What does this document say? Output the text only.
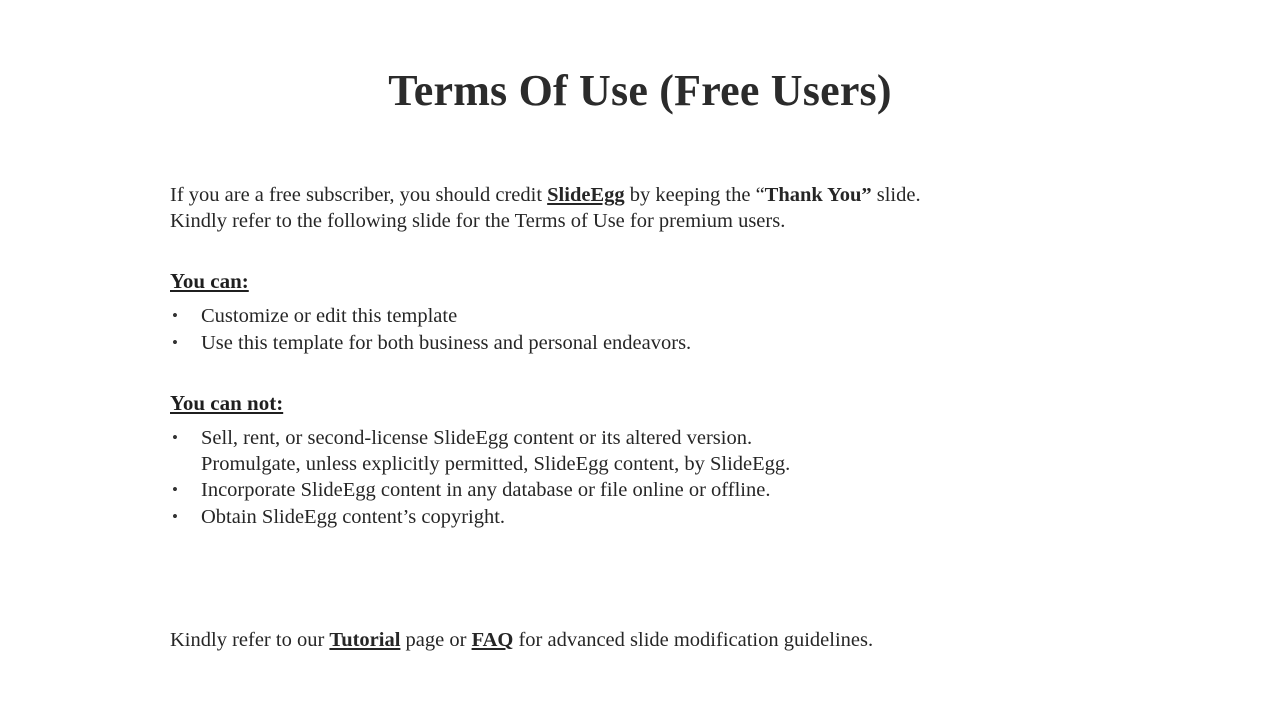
Terms Of Use (Free Users)

If you are a free subscriber, you should credit SlideEgg by keeping the “Thank You” slide.
Kindly refer to the following slide for the Terms of Use for premium users.

You can:
• Customize or edit this template
• Use this template for both business and personal endeavors.
You can not:
• Sell, rent, or second-license SlideEgg content or its altered version.
Promulgate, unless explicitly permitted, SlideEgg content, by SlideEgg.
• Incorporate SlideEgg content in any database or file online or offline.
• Obtain SlideEgg content’s copyright.
Kindly refer to our Tutorial page or FAQ for advanced slide modification guidelines.
